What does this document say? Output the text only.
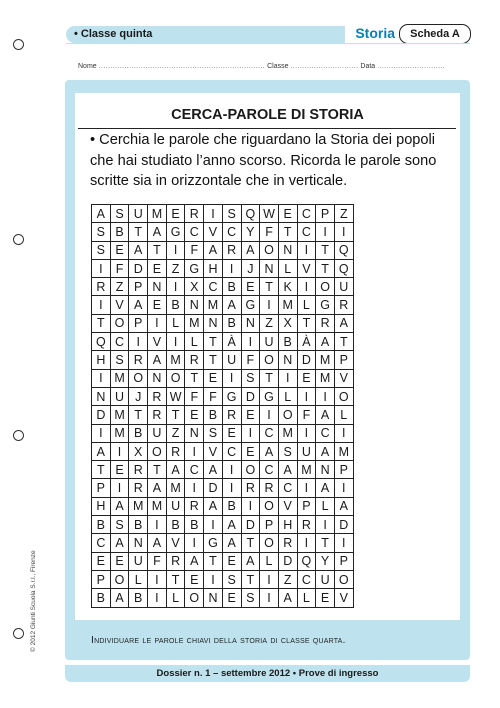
• Classe quinta	Storia	Scheda A
Nome ....................................................................... Classe ............................. Data .............................
CERCA-PAROLE DI STORIA
• Cerchia le parole che riguardano la Storia dei popoli che hai studiato l’anno scorso. Ricorda le parole sono scritte sia in orizzontale che in verticale.
A	S	U	M	E	R	I	S	Q	W	E	C	P	Z
S	B	T	A	G	C	V	C	Y	F	T	C	I	I
S	E	A	T	I	F	A	R	A	O	N	I	T	Q
I	F	D	E	Z	G	H	I	J	N	L	V	T	Q
R	Z	P	N	I	X	C	B	E	T	K	I	O	U
I	V	A	E	B	N	M	A	G	I	M	L	G	R
T	O	P	I	L	M	N	B	N	Z	X	T	R	A
Q	C	I	V	I	L	T	À	I	U	B	À	A	T
H	S	R	A	M	R	T	U	F	O	N	D	M	P
I	M	O	N	O	T	E	I	S	T	I	E	M	V
N	U	J	R	W	F	F	G	D	G	L	I	I	O
D	M	T	R	T	E	B	R	E	I	O	F	A	L
I	M	B	U	Z	N	S	E	I	C	M	I	C	I
A	I	X	O	R	I	V	C	E	A	S	U	A	M
T	E	R	T	A	C	A	I	O	C	A	M	N	P
P	I	R	A	M	I	D	I	R	R	C	I	A	I
H	A	M	M	U	R	A	B	I	O	V	P	L	A
B	S	B	I	B	B	I	A	D	P	H	R	I	D
C	A	N	A	V	I	G	A	T	O	R	I	T	I
E	E	U	F	R	A	T	E	A	L	D	Q	Y	P
P	O	L	I	T	E	I	S	T	I	Z	C	U	O
B	A	B	I	L	O	N	E	S	I	A	L	E	V
Individuare le parole chiavi della storia di classe quarta.
Dossier n. 1 – settembre 2012 • Prove di ingresso
© 2012 Giunti Scuola S.r.l., Firenze
